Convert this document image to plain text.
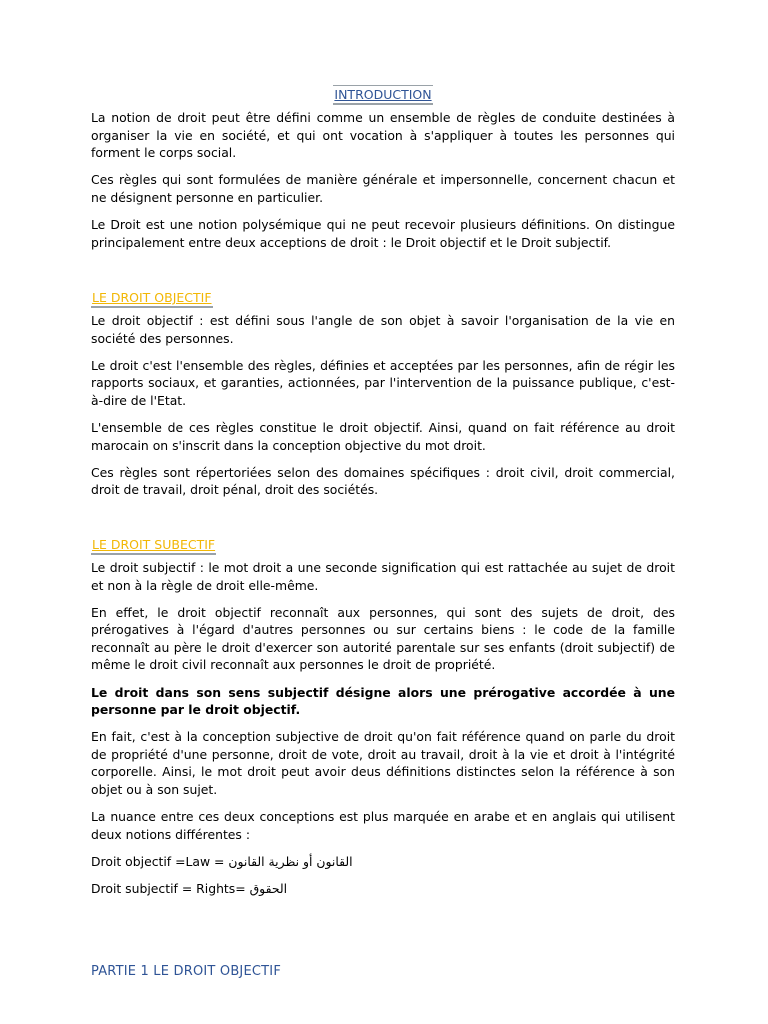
INTRODUCTION

La notion de droit peut être défini comme un ensemble de règles de conduite destinées à organiser la vie en société, et qui ont vocation à s'appliquer à toutes les personnes qui forment le corps social.

Ces règles qui sont formulées de manière générale et impersonnelle, concernent chacun et ne désignent personne en particulier.

Le Droit est une notion polysémique qui ne peut recevoir plusieurs définitions. On distingue principalement entre deux acceptions de droit : le Droit objectif et le Droit subjectif.

LE DROIT OBJECTIF

Le droit objectif : est défini sous l'angle de son objet à savoir l'organisation de la vie en société des personnes.

Le droit c'est l'ensemble des règles, définies et acceptées par les personnes, afin de régir les rapports sociaux, et garanties, actionnées, par l'intervention de la puissance publique, c'est-à-dire de l'Etat.

L'ensemble de ces règles constitue le droit objectif. Ainsi, quand on fait référence au droit marocain on s'inscrit dans la conception objective du mot droit.

Ces règles sont répertoriées selon des domaines spécifiques : droit civil, droit commercial, droit de travail, droit pénal, droit des sociétés.

LE DROIT SUBECTIF

Le droit subjectif : le mot droit a une seconde signification qui est rattachée au sujet de droit et non à la règle de droit elle-même.

En effet, le droit objectif reconnaît aux personnes, qui sont des sujets de droit, des prérogatives à l'égard d'autres personnes ou sur certains biens : le code de la famille reconnaît au père le droit d'exercer son autorité parentale sur ses enfants (droit subjectif) de même le droit civil reconnaît aux personnes le droit de propriété.

Le droit dans son sens subjectif désigne alors une prérogative accordée à une personne par le droit objectif.

En fait, c'est à la conception subjective de droit qu'on fait référence quand on parle du droit de propriété d'une personne, droit de vote, droit au travail, droit à la vie et droit à l'intégrité corporelle. Ainsi, le mot droit peut avoir deus définitions distinctes selon la référence à son objet ou à son sujet.

La nuance entre ces deux conceptions est plus marquée en arabe et en anglais qui utilisent deux notions différentes :

Droit objectif =Law = القانون أو نظرية القانون

Droit subjectif = Rights= الحقوق

PARTIE 1 LE DROIT OBJECTIF
